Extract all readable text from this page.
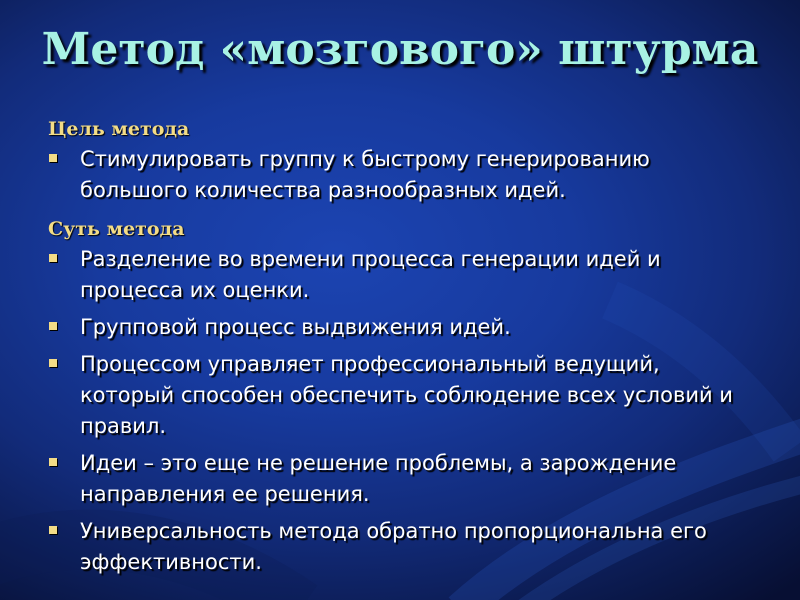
Метод «мозгового» штурма
Цель метода
Стимулировать группу к быстрому генерированию большого количества разнообразных идей.
Суть метода
Разделение во времени процесса генерации идей и процесса их оценки.
Групповой процесс выдвижения идей.
Процессом управляет профессиональный ведущий, который способен обеспечить соблюдение всех условий и правил.
Идеи – это еще не решение проблемы, а зарождение направления ее решения.
Универсальность метода обратно пропорциональна его эффективности.
